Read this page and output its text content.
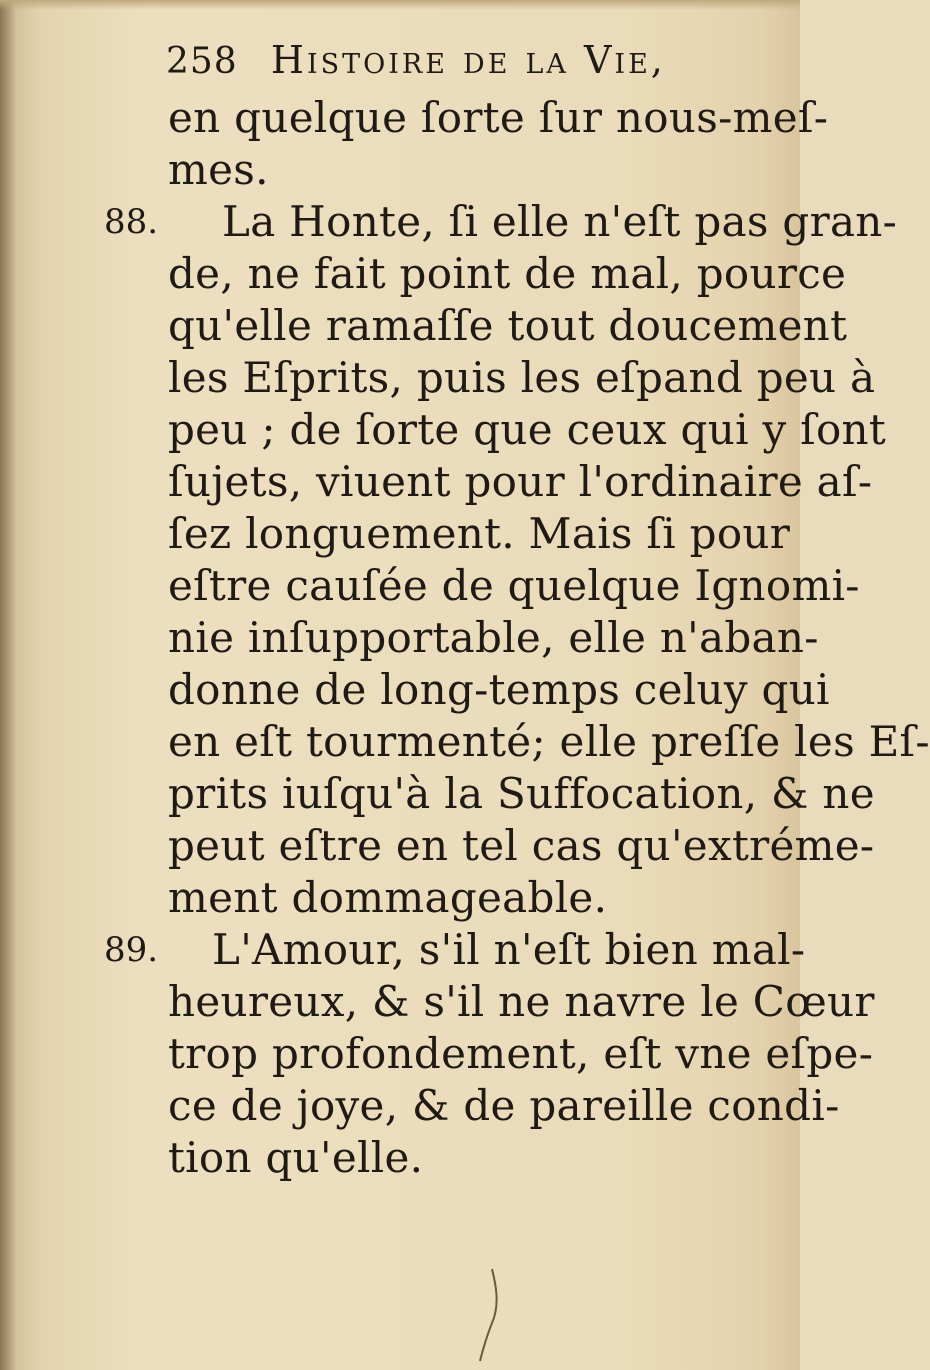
258 Histoire de la Vie,
en quelque ſorte ſur nous-meſ-
mes.
88. La Honte, ſi elle n'eſt pas gran-
de, ne fait point de mal, pource
qu'elle ramaſſe tout doucement
les Eſprits, puis les eſpand peu à
peu ; de ſorte que ceux qui y ſont
ſujets, viuent pour l'ordinaire aſ-
ſez longuement. Mais ſi pour
eſtre cauſée de quelque Ignomi-
nie inſupportable, elle n'aban-
donne de long-temps celuy qui
en eſt tourmenté; elle preſſe les Eſ-
prits iuſqu'à la Suffocation, & ne
peut eſtre en tel cas qu'extréme-
ment dommageable.
89. L'Amour, s'il n'eſt bien mal-
heureux, & s'il ne navre le Cœur
trop profondement, eſt vne eſpe-
ce de joye, & de pareille condi-
tion qu'elle.
